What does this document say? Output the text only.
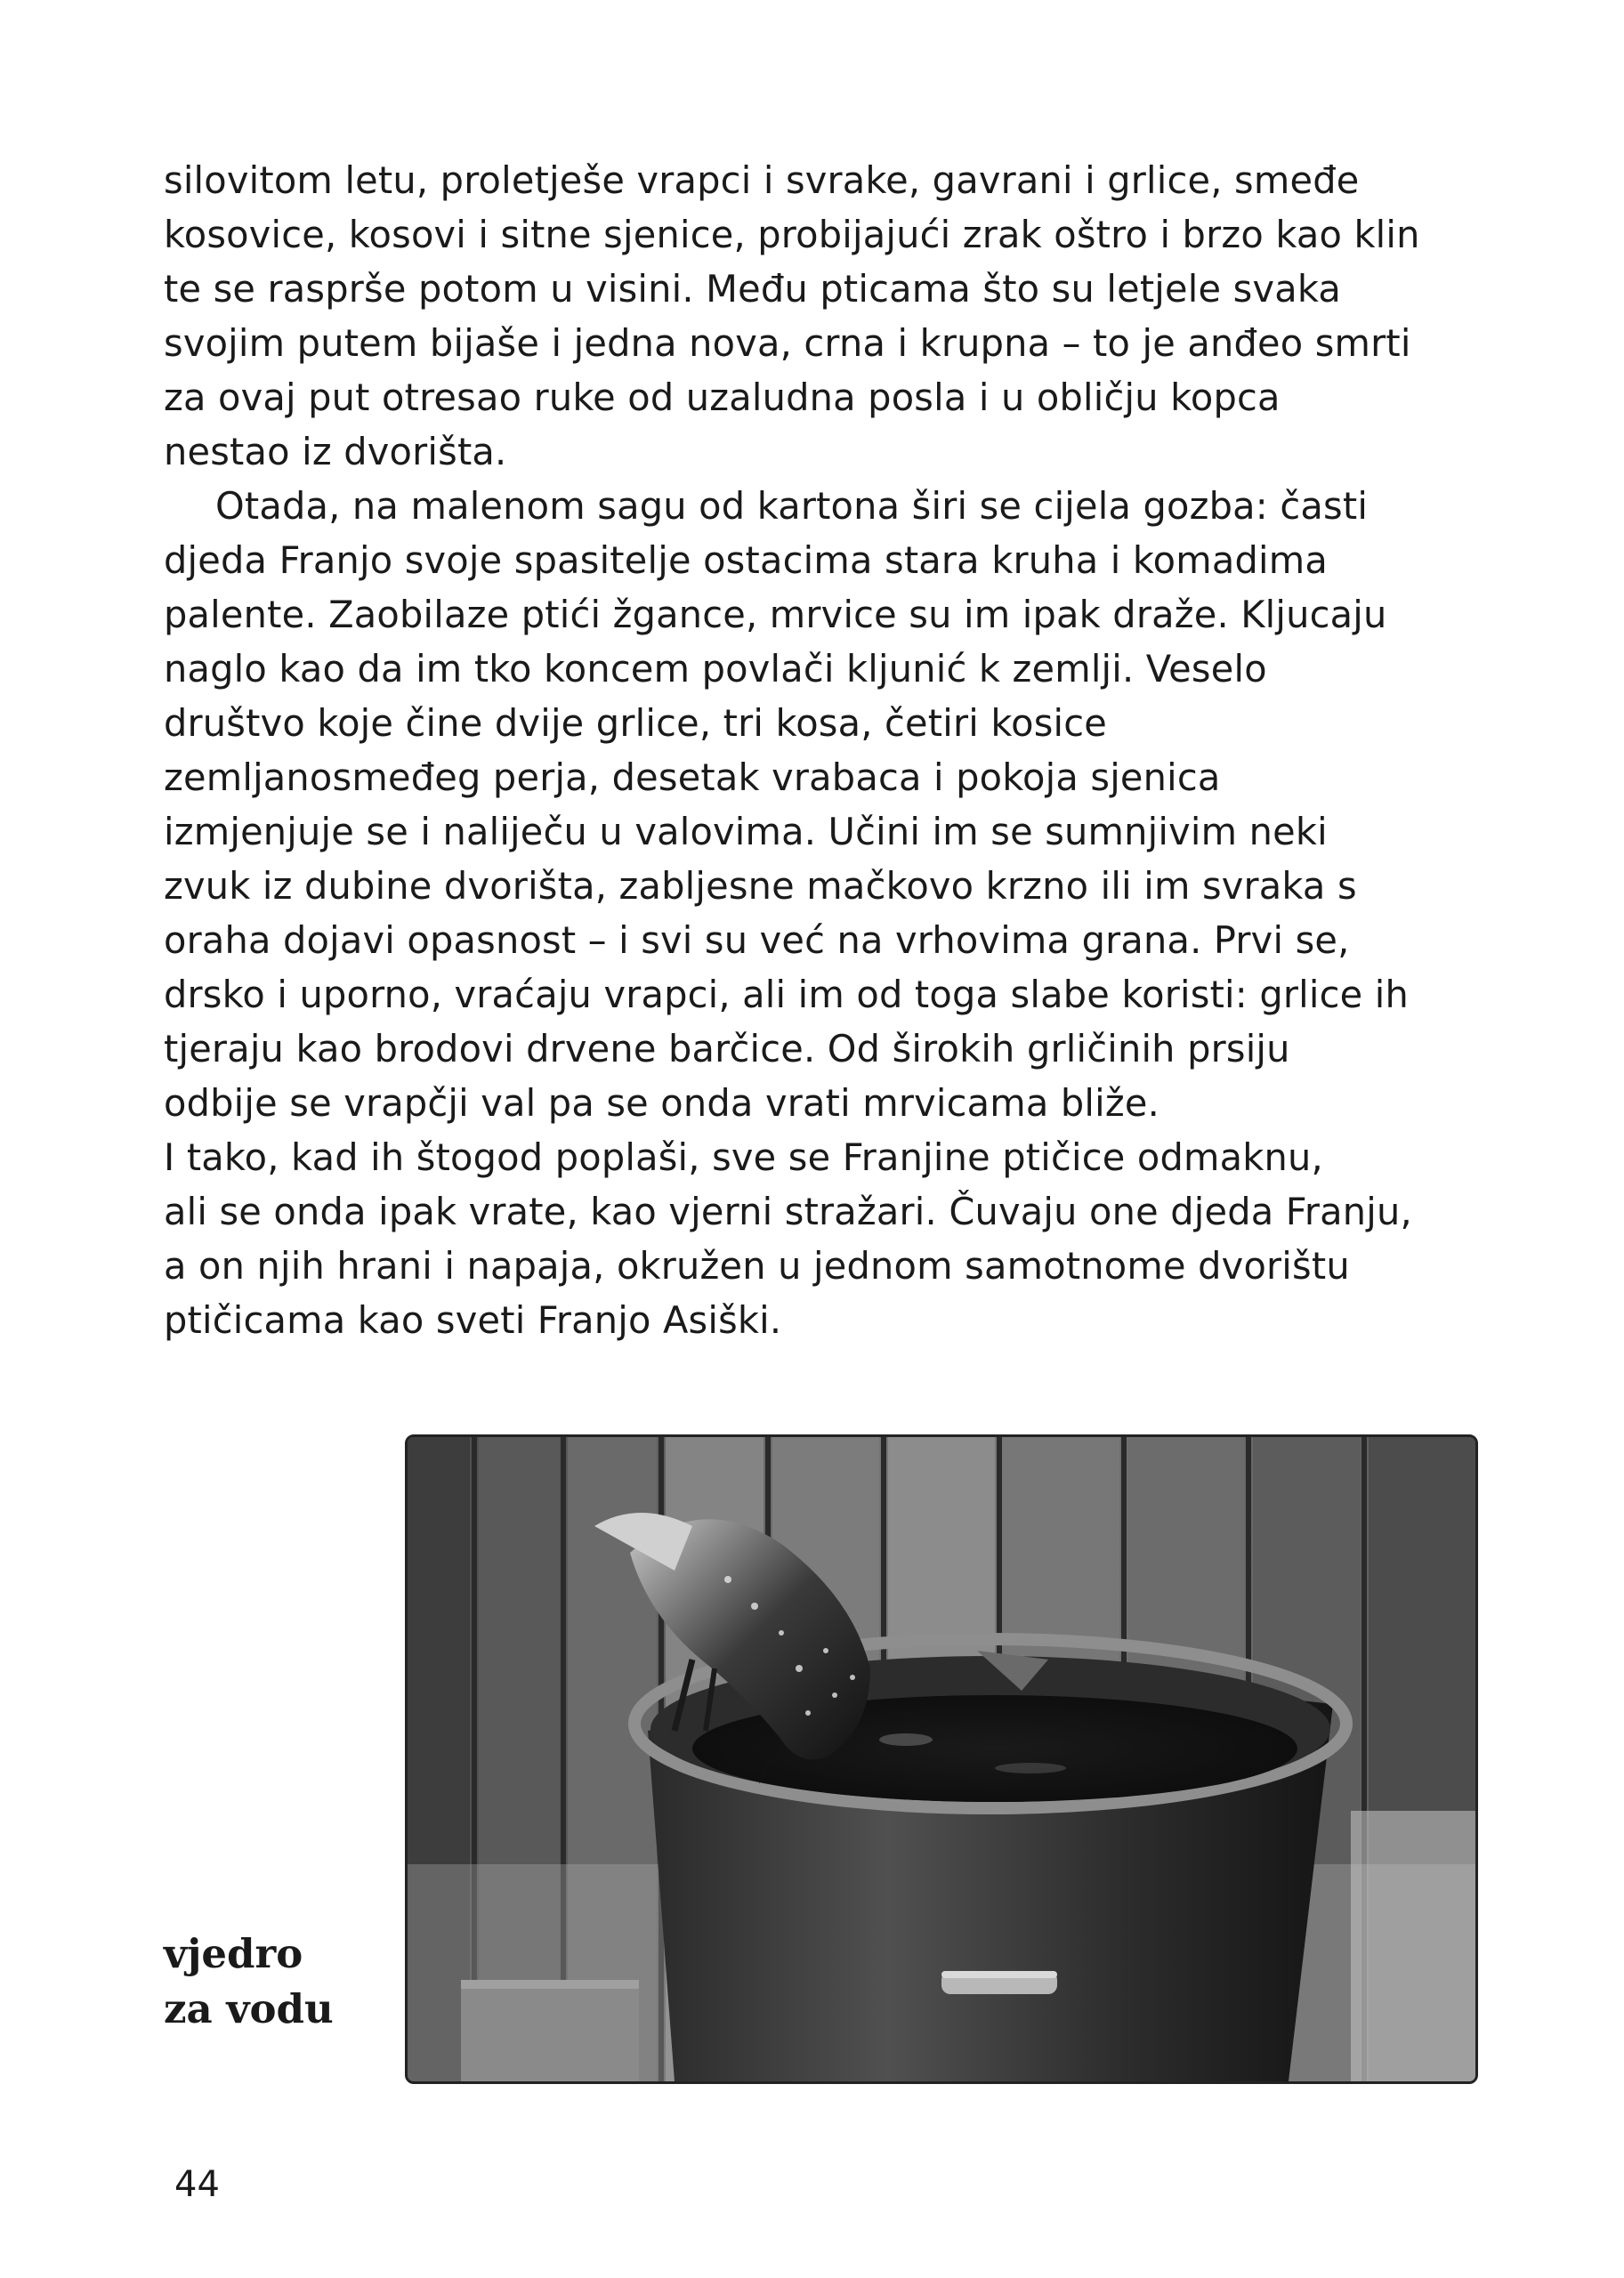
silovitom letu, proletješe vrapci i svrake, gavrani i grlice, smeđe
kosovice, kosovi i sitne sjenice, probijajući zrak oštro i brzo kao klin
te se raspršе potom u visini. Među pticama što su letjele svaka
svojim putem bijaše i jedna nova, crna i krupna – to je anđeo smrti
za ovaj put otresao ruke od uzaludna posla i u obličju kopca
nestao iz dvorišta.
Otada, na malenom sagu od kartona širi se cijela gozba: časti
djeda Franjo svoje spasitelje ostacima stara kruha i komadima
palente. Zaobilaze ptići žgance, mrvice su im ipak draže. Kljucaju
naglo kao da im tko koncem povlači kljunić k zemlji. Veselo
društvo koje čine dvije grlice, tri kosa, četiri kosice
zemljanosmeđeg perja, desetak vrabaca i pokoja sjenica
izmjenjuje se i naliječu u valovima. Učini im se sumnjivim neki
zvuk iz dubine dvorišta, zabljesne mačkovo krzno ili im svraka s
oraha dojavi opasnost – i svi su već na vrhovima grana. Prvi se,
drsko i uporno, vraćaju vrapci, ali im od toga slabe koristi: grlice ih
tjeraju kao brodovi drvene barčice. Od širokih grličinih prsiju
odbije se vrapčji val pa se onda vrati mrvicama bliže.
I tako, kad ih štogod poplaši, sve se Franjine ptičice odmaknu,
ali se onda ipak vrate, kao vjerni stražari. Čuvaju one djeda Franju,
a on njih hrani i napaja, okružen u jednom samotnome dvorištu
ptičicama kao sveti Franjo Asiški.
vjedro
za vodu
44
